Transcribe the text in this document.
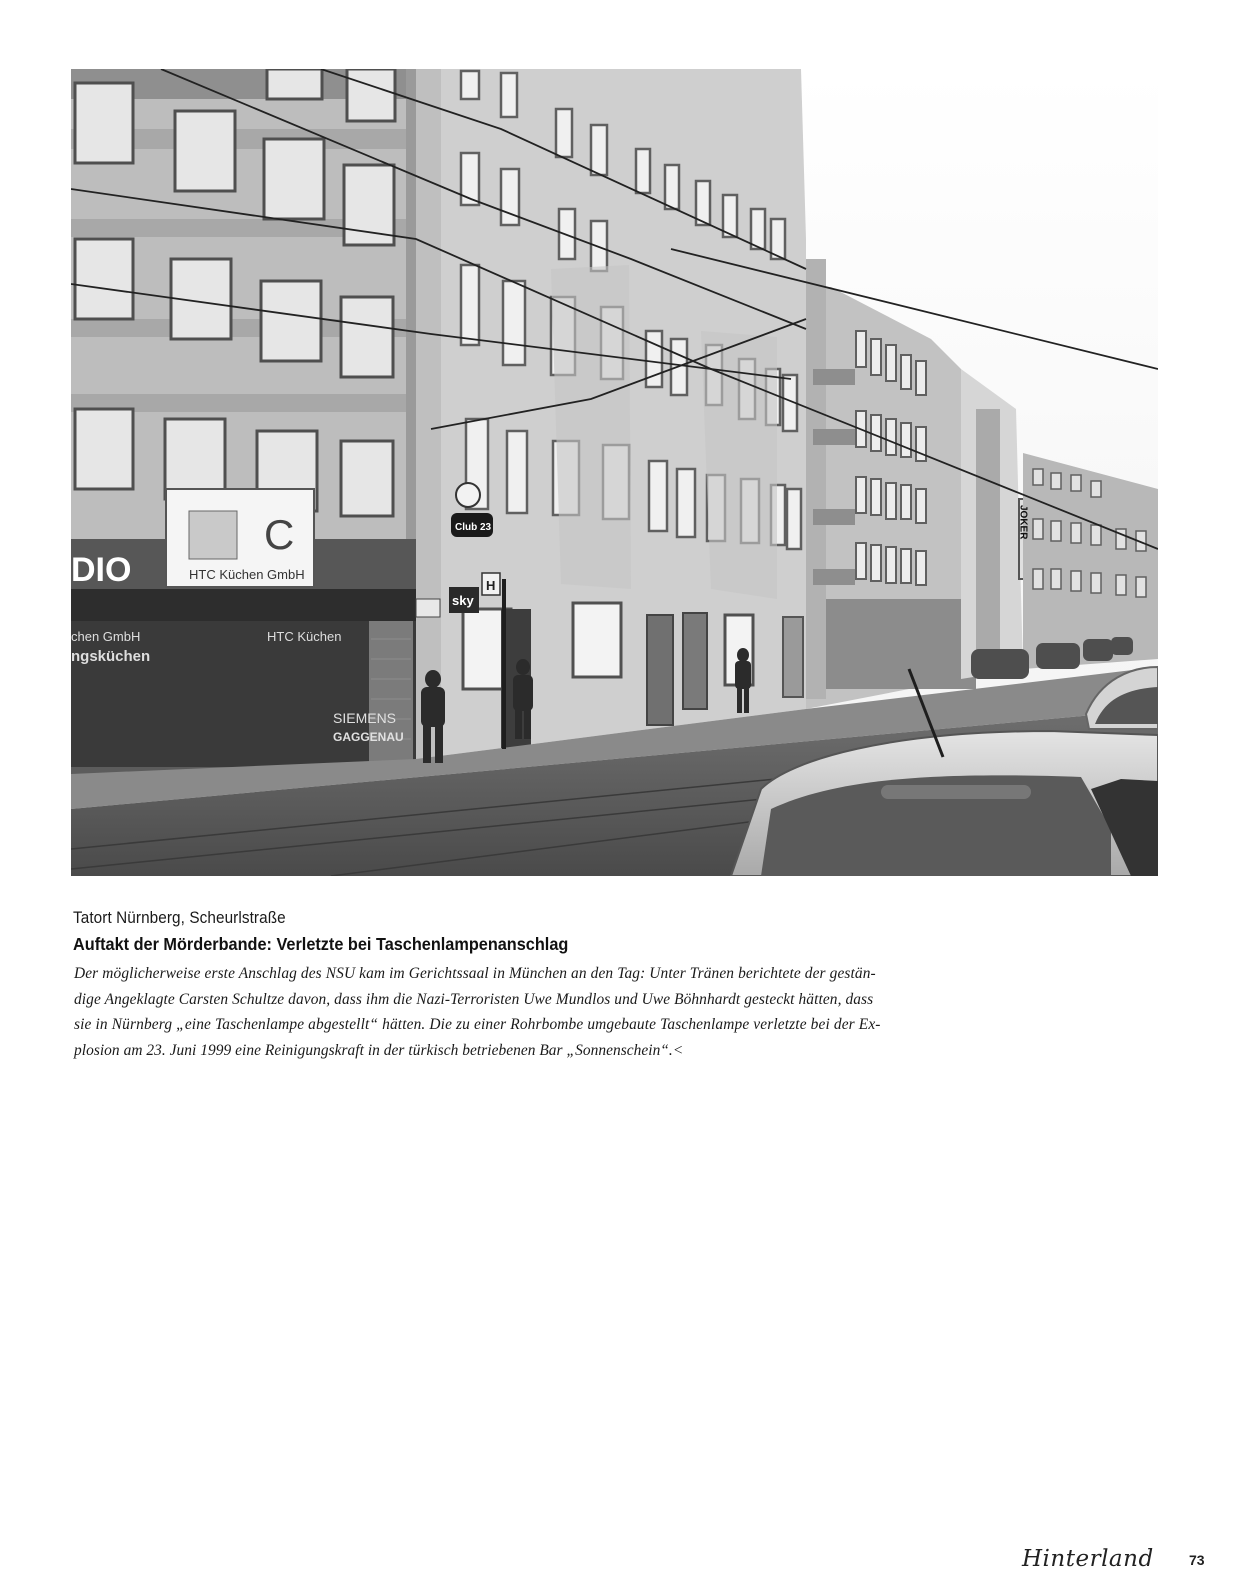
C
DIO	HTC Küchen GmbH
chen GmbH
ngsküchen
HTC Küchen
SIEMENS
GAGGENAU
Club 23
sky
H
JOKER
Tatort Nürnberg, Scheurlstraße
Auftakt der Mörderbande: Verletzte bei Taschenlampenanschlag
Der möglicherweise erste Anschlag des NSU kam im Gerichtssaal in München an den Tag: Unter Tränen berichtete der gestän-
dige Angeklagte Carsten Schultze davon, dass ihm die Nazi-Terroristen Uwe Mundlos und Uwe Böhnhardt gesteckt hätten, dass
sie in Nürnberg „eine Taschenlampe abgestellt“ hätten. Die zu einer Rohrbombe umgebaute Taschenlampe verletzte bei der Ex-
plosion am 23. Juni 1999 eine Reinigungskraft in der türkisch betriebenen Bar „Sonnenschein“.<
Hinterland	73
